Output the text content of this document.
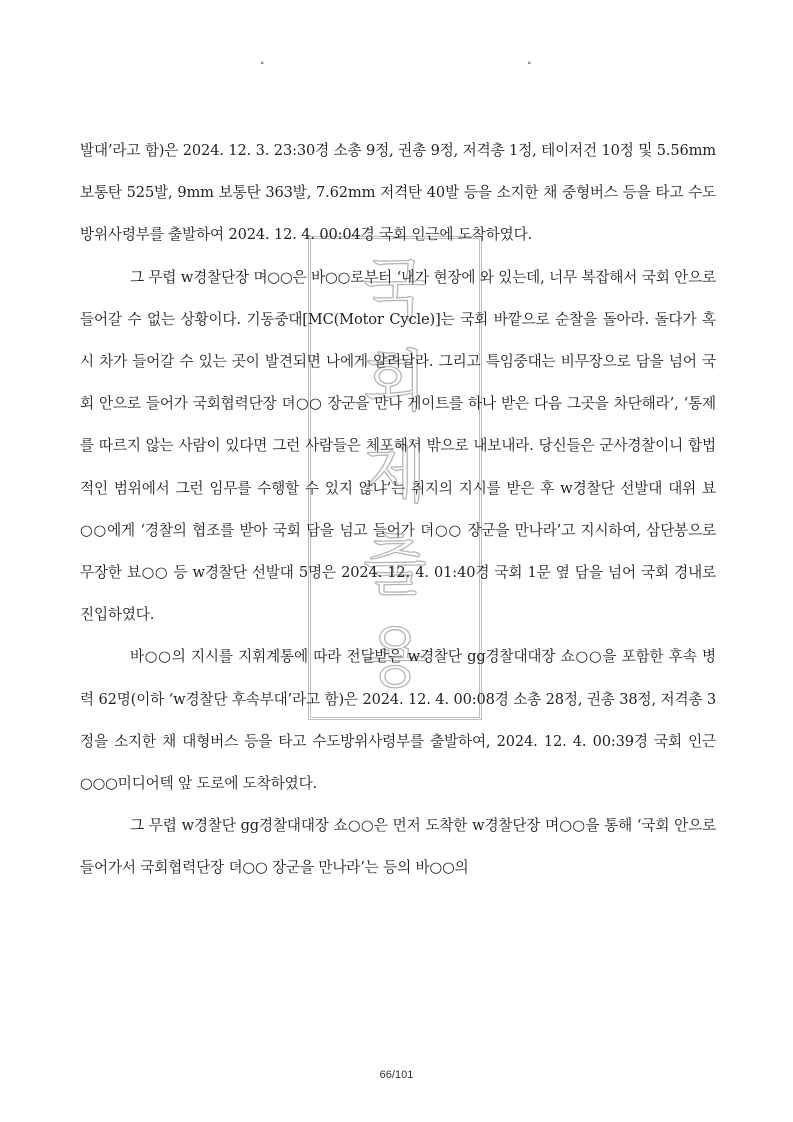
˚	˚
국
회
제
출
용

발대’라고 함)은 2024. 12. 3. 23:30경 소총 9정, 권총 9정, 저격총 1정, 테이저건 10정 및 5.56mm 보통탄 525발, 9mm 보통탄 363발, 7.62mm 저격탄 40발 등을 소지한 채 중형버스 등을 타고 수도방위사령부를 출발하여 2024. 12. 4. 00:04경 국회 인근에 도착하였다.

그 무렵 w경찰단장 며○○은 바○○로부터 ‘내가 현장에 와 있는데, 너무 복잡해서 국회 안으로 들어갈 수 없는 상황이다. 기동중대[MC(Motor Cycle)]는 국회 바깥으로 순찰을 돌아라. 돌다가 혹시 차가 들어갈 수 있는 곳이 발견되면 나에게 알려달라. 그리고 특임중대는 비무장으로 담을 넘어 국회 안으로 들어가 국회협력단장 뎌○○ 장군을 만나 게이트를 하나 받은 다음 그곳을 차단해라’, ‘통제를 따르지 않는 사람이 있다면 그런 사람들은 체포해서 밖으로 내보내라. 당신들은 군사경찰이니 합법적인 범위에서 그런 임무를 수행할 수 있지 않냐’는 취지의 지시를 받은 후 w경찰단 선발대 대위 뵤○○에게 ‘경찰의 협조를 받아 국회 담을 넘고 들어가 뎌○○ 장군을 만나라’고 지시하여, 삼단봉으로 무장한 뵤○○ 등 w경찰단 선발대 5명은 2024. 12. 4. 01:40경 국회 1문 옆 담을 넘어 국회 경내로 진입하였다.

바○○의 지시를 지휘계통에 따라 전달받은 w경찰단 gg경찰대대장 쇼○○을 포함한 후속 병력 62명(이하 ‘w경찰단 후속부대’라고 함)은 2024. 12. 4. 00:08경 소총 28정, 권총 38정, 저격총 3정을 소지한 채 대형버스 등을 타고 수도방위사령부를 출발하여, 2024. 12. 4. 00:39경 국회 인근 ○○○미디어텍 앞 도로에 도착하였다.

그 무렵 w경찰단 gg경찰대대장 쇼○○은 먼저 도착한 w경찰단장 며○○을 통해 ‘국회 안으로 들어가서 국회협력단장 뎌○○ 장군을 만나라’는 등의 바○○의

66/101
